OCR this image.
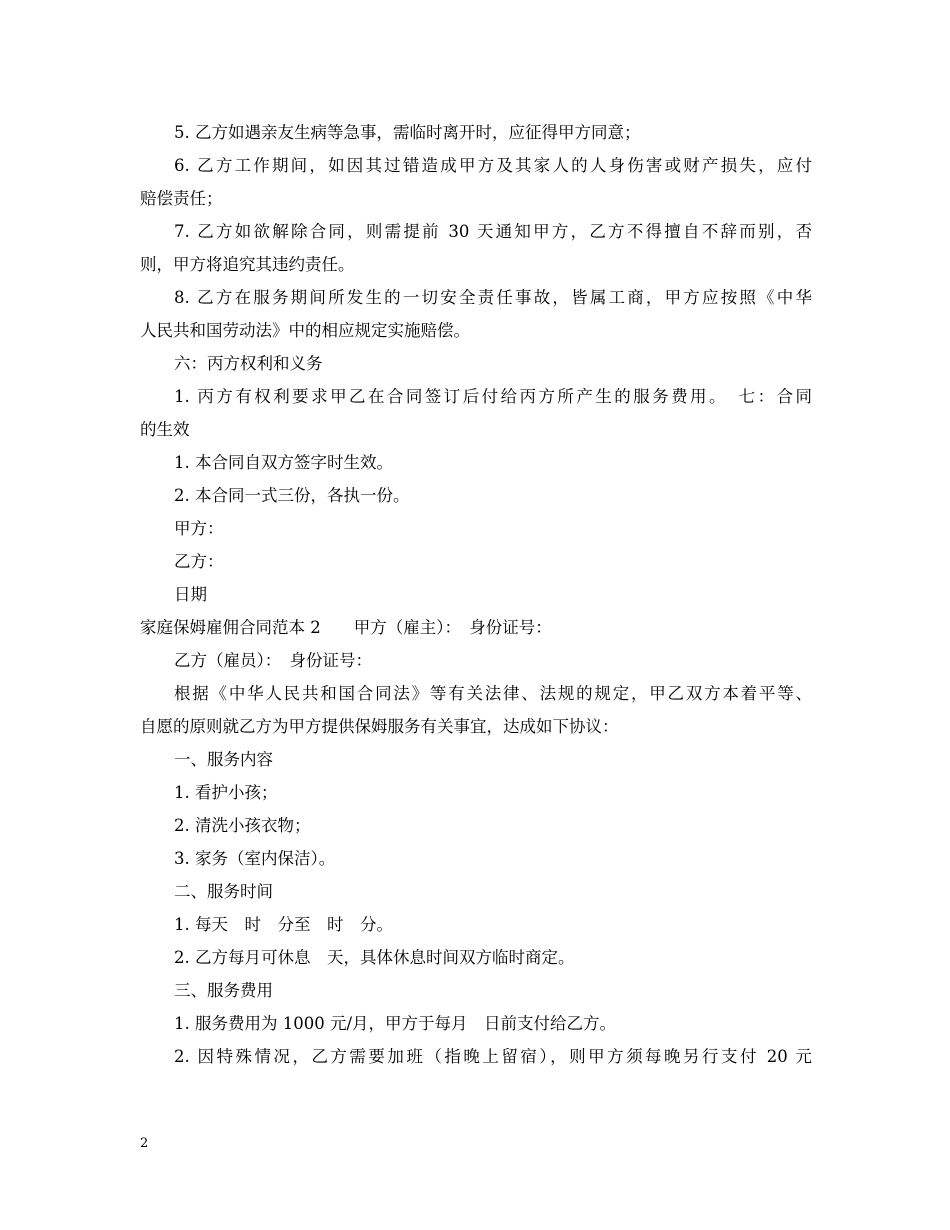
5. 乙方如遇亲友生病等急事，需临时离开时，应征得甲方同意；
6. 乙方工作期间，如因其过错造成甲方及其家人的人身伤害或财产损失，应付
赔偿责任；
7. 乙方如欲解除合同，则需提前 30 天通知甲方，乙方不得擅自不辞而别，否
则，甲方将追究其违约责任。
8. 乙方在服务期间所发生的一切安全责任事故，皆属工商，甲方应按照《中华
人民共和国劳动法》中的相应规定实施赔偿。
六：丙方权利和义务
1. 丙方有权利要求甲乙在合同签订后付给丙方所产生的服务费用。　七：合同
的生效
1. 本合同自双方签字时生效。
2. 本合同一式三份，各执一份。
甲方：
乙方：
日期
家庭保姆雇佣合同范本 2　　甲方（雇主）：　身份证号：
乙方（雇员）：　身份证号：
根据《中华人民共和国合同法》等有关法律、法规的规定，甲乙双方本着平等、
自愿的原则就乙方为甲方提供保姆服务有关事宜，达成如下协议：
一、服务内容
1. 看护小孩；
2. 清洗小孩衣物；
3. 家务（室内保洁）。
二、服务时间
1. 每天　时　分至　时　分。
2. 乙方每月可休息　天，具体休息时间双方临时商定。
三、服务费用
1. 服务费用为 1000 元/月，甲方于每月　日前支付给乙方。
2. 因特殊情况，乙方需要加班（指晚上留宿），则甲方须每晚另行支付 20 元
2
